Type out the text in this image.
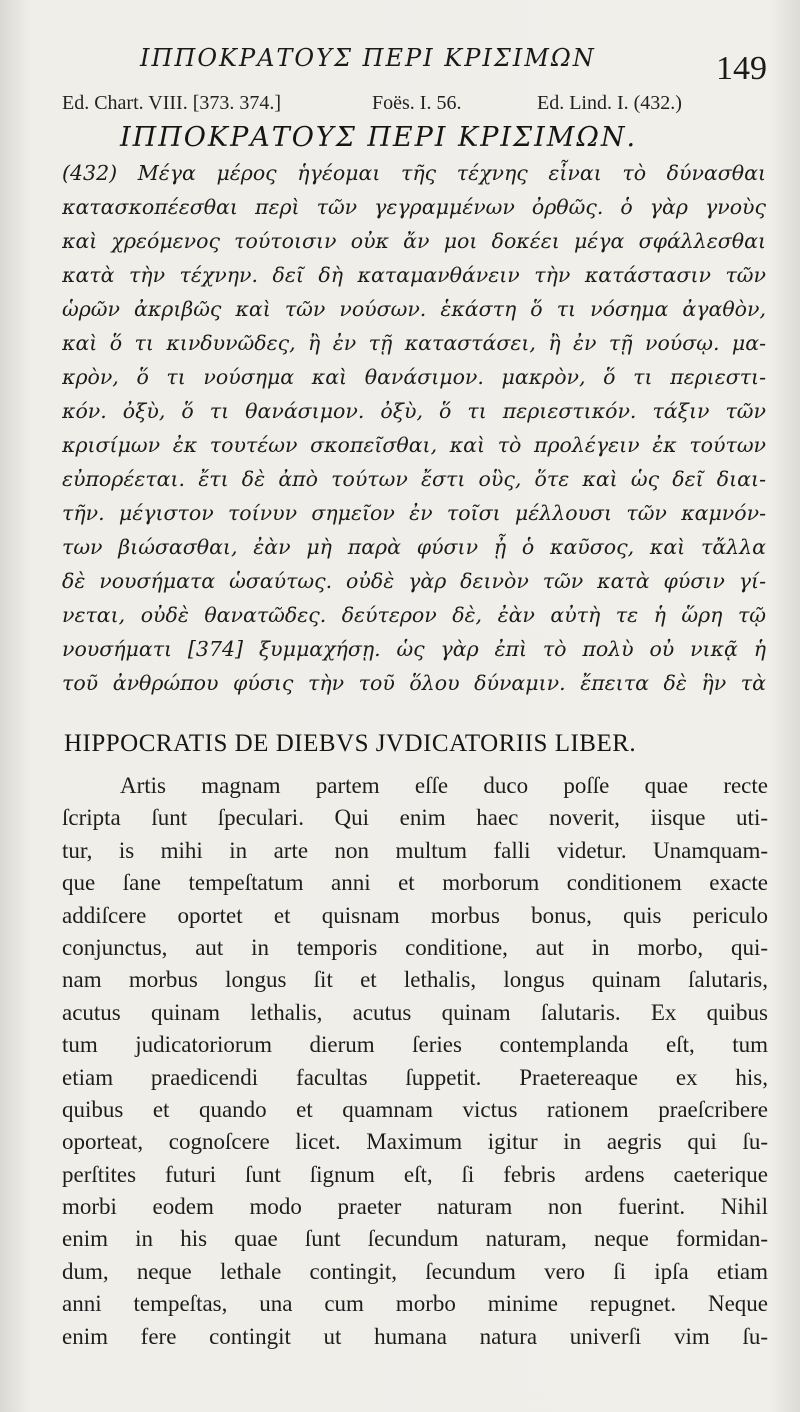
ΙΠΠΟΚΡΑΤΟΥΣ ΠΕΡΙ ΚΡΙΣΙΜΩΝ	149
Ed. Chart. VIII. [373. 374.]	Foës. I. 56.	Ed. Lind. I. (432.)
ΙΠΠΟΚΡΑΤΟΥΣ ΠΕΡΙ ΚΡΙΣΙΜΩΝ.
(432) Μέγα μέρος ἡγέομαι τῆς τέχνης εἶναι τὸ δύνασθαι
κατασκοπέεσθαι περὶ τῶν γεγραμμένων ὀρθῶς. ὁ γὰρ γνοὺς
καὶ χρεόμενος τούτοισιν οὐκ ἄν μοι δοκέει μέγα σφάλλεσθαι
κατὰ τὴν τέχνην. δεῖ δὴ καταμανθάνειν τὴν κατάστασιν τῶν
ὡρῶν ἀκριβῶς καὶ τῶν νούσων. ἑκάστη ὅ τι νόσημα ἀγαθὸν,
καὶ ὅ τι κινδυνῶδες, ἢ ἐν τῇ καταστάσει, ἢ ἐν τῇ νούσῳ. μα-
κρὸν, ὅ τι νούσημα καὶ θανάσιμον. μακρὸν, ὅ τι περιεστι-
κόν. ὀξὺ, ὅ τι θανάσιμον. ὀξὺ, ὅ τι περιεστικόν. τάξιν τῶν
κρισίμων ἐκ τουτέων σκοπεῖσθαι, καὶ τὸ προλέγειν ἐκ τούτων
εὐπορέεται. ἔτι δὲ ἀπὸ τούτων ἔστι οὓς, ὅτε καὶ ὡς δεῖ διαι-
τῆν. μέγιστον τοίνυν σημεῖον ἐν τοῖσι μέλλουσι τῶν καμνόν-
των βιώσασθαι, ἐὰν μὴ παρὰ φύσιν ᾖ ὁ καῦσος, καὶ τἄλλα
δὲ νουσήματα ὡσαύτως. οὐδὲ γὰρ δεινὸν τῶν κατὰ φύσιν γί-
νεται, οὐδὲ θανατῶδες. δεύτερον δὲ, ἐὰν αὐτὴ τε ἡ ὥρη τῷ
νουσήματι [374] ξυμμαχήσῃ. ὡς γὰρ ἐπὶ τὸ πολὺ οὐ νικᾷ ἡ
τοῦ ἀνθρώπου φύσις τὴν τοῦ ὅλου δύναμιν. ἔπειτα δὲ ἣν τὰ
HIPPOCRATIS DE DIEBVS JVDICATORIIS LIBER.
Artis magnam partem eſſe duco poſſe quae recte
ſcripta ſunt ſpeculari. Qui enim haec noverit, iisque uti-
tur, is mihi in arte non multum falli videtur. Unamquam-
que ſane tempeſtatum anni et morborum conditionem exacte
addiſcere oportet et quisnam morbus bonus, quis periculo
conjunctus, aut in temporis conditione, aut in morbo, qui-
nam morbus longus ſit et lethalis, longus quinam ſalutaris,
acutus quinam lethalis, acutus quinam ſalutaris. Ex quibus
tum judicatoriorum dierum ſeries contemplanda eſt, tum
etiam praedicendi facultas ſuppetit. Praetereaque ex his,
quibus et quando et quamnam victus rationem praeſcribere
oporteat, cognoſcere licet. Maximum igitur in aegris qui ſu-
perſtites futuri ſunt ſignum eſt, ſi febris ardens caeterique
morbi eodem modo praeter naturam non fuerint. Nihil
enim in his quae ſunt ſecundum naturam, neque formidan-
dum, neque lethale contingit, ſecundum vero ſi ipſa etiam
anni tempeſtas, una cum morbo minime repugnet. Neque
enim fere contingit ut humana natura univerſi vim ſu-
